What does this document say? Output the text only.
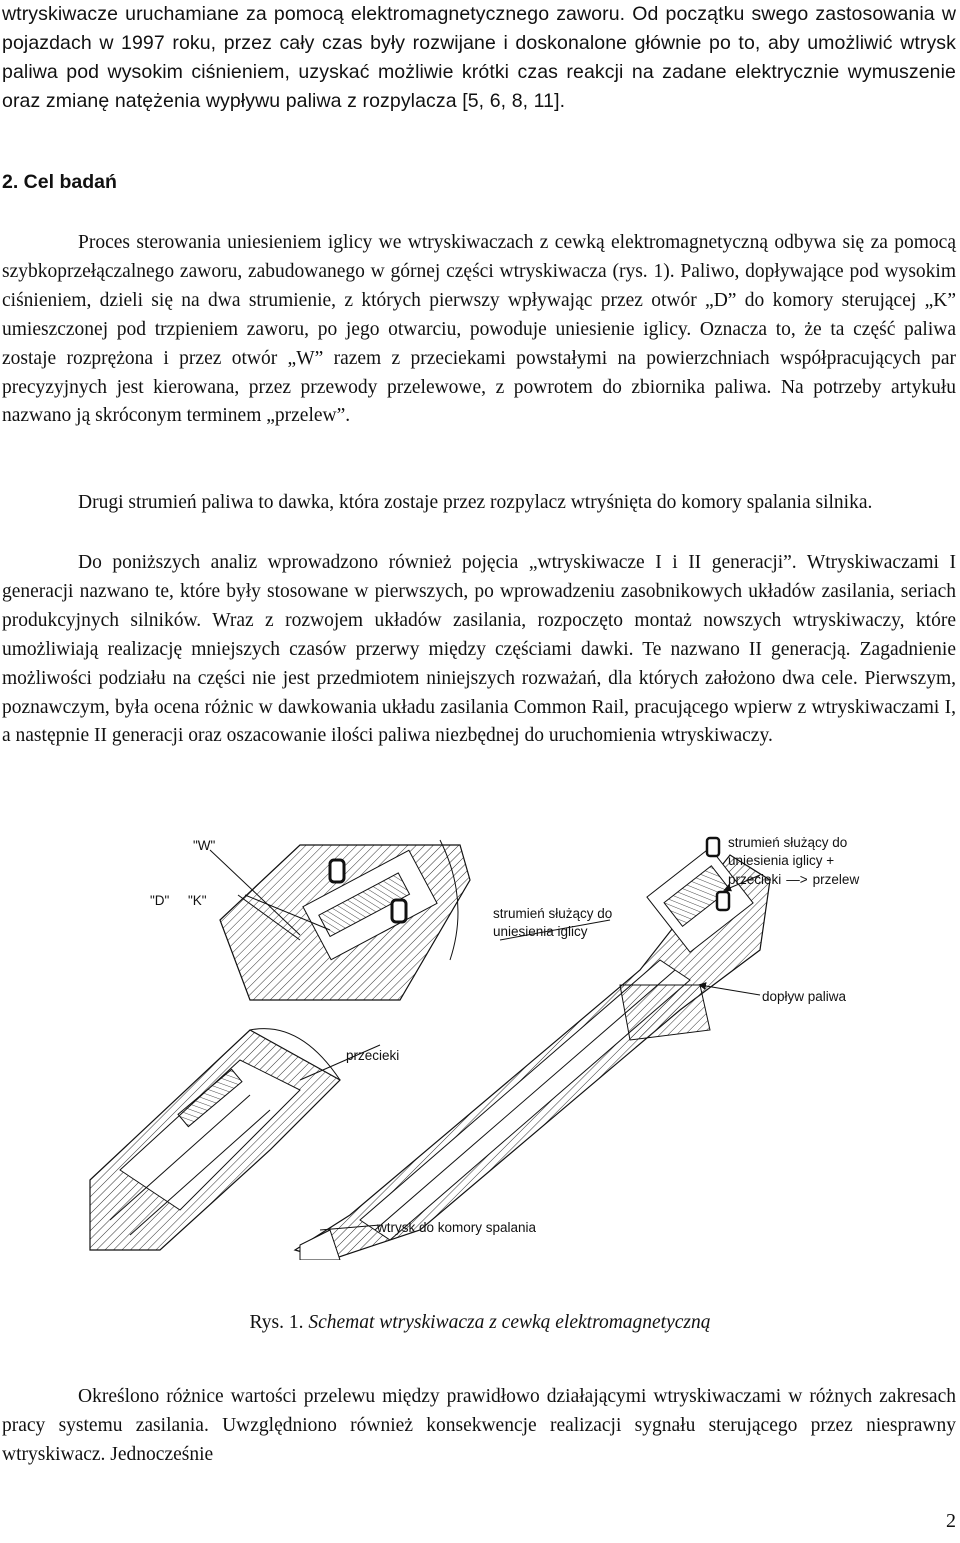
wtryskiwacze uruchamiane za pomocą elektromagnetycznego zaworu. Od początku swego zastosowania w pojazdach w 1997 roku, przez cały czas były rozwijane i doskonalone głównie po to, aby umożliwić wtrysk paliwa pod wysokim ciśnieniem, uzyskać możliwie krótki czas reakcji na zadane elektrycznie wymuszenie oraz zmianę natężenia wypływu paliwa z rozpylacza [5, 6, 8, 11].

2. Cel badań

Proces sterowania uniesieniem iglicy we wtryskiwaczach z cewką elektromagnetyczną odbywa się za pomocą szybkoprzełączalnego zaworu, zabudowanego w górnej części wtryskiwacza (rys. 1). Paliwo, dopływające pod wysokim ciśnieniem, dzieli się na dwa strumienie, z których pierwszy wpływając przez otwór „D” do komory sterującej „K” umieszczonej pod trzpieniem zaworu, po jego otwarciu, powoduje uniesienie iglicy. Oznacza to, że ta część paliwa zostaje rozprężona i przez otwór „W” razem z przeciekami powstałymi na powierzchniach współpracujących par precyzyjnych jest kierowana, przez przewody przelewowe, z powrotem do zbiornika paliwa. Na potrzeby artykułu nazwano ją skróconym terminem „przelew”.

Drugi strumień paliwa to dawka, która zostaje przez rozpylacz wtryśnięta do komory spalania silnika.

Do poniższych analiz wprowadzono również pojęcia „wtryskiwacze I i II generacji”. Wtryskiwaczami I generacji nazwano te, które były stosowane w pierwszych, po wprowadzeniu zasobnikowych układów zasilania, seriach produkcyjnych silników. Wraz z rozwojem układów zasilania, rozpoczęto montaż nowszych wtryskiwaczy, które umożliwiają realizację mniejszych czasów przerwy między częściami dawki. Te nazwano II generacją. Zagadnienie możliwości podziału na części nie jest przedmiotem niniejszych rozważań, dla których założono dwa cele. Pierwszym, poznawczym, była ocena różnic w dawkowania układu zasilania Common Rail, pracującego wpierw z wtryskiwaczami I, a następnie II generacji oraz oszacowanie ilości paliwa niezbędnej do uruchomienia wtryskiwaczy.

"W"
"D" "K"
strumień służący do
uniesienia iglicy
strumień służący do
uniesienia iglicy +
przecieki —> przelew
dopływ paliwa
przecieki
wtrysk do komory spalania
Rys. 1. Schemat wtryskiwacza z cewką elektromagnetyczną

Określono różnice wartości przelewu między prawidłowo działającymi wtryskiwaczami w różnych zakresach pracy systemu zasilania. Uwzględniono również konsekwencje realizacji sygnału sterującego przez niesprawny wtryskiwacz. Jednocześnie

2
